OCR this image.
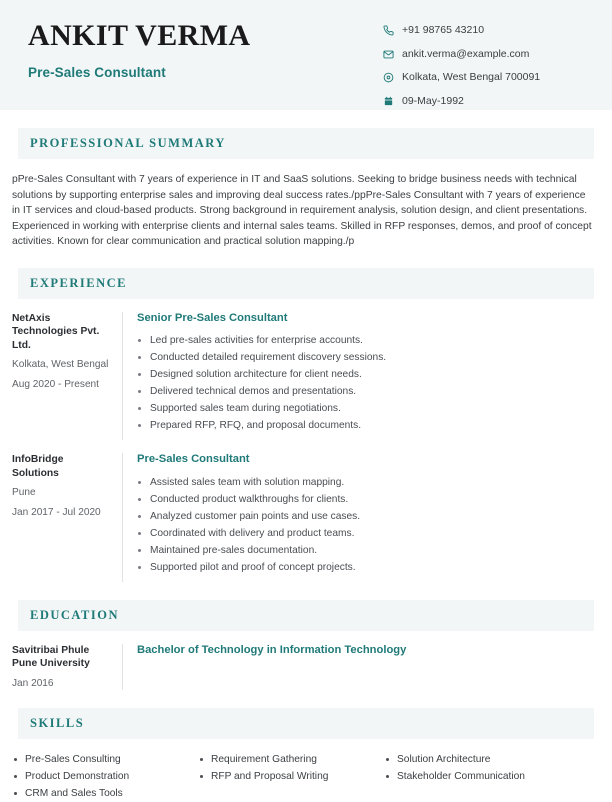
ANKIT VERMA
Pre-Sales Consultant
+91 98765 43210
ankit.verma@example.com
Kolkata, West Bengal 700091
09-May-1992
PROFESSIONAL SUMMARY
pPre-Sales Consultant with 7 years of experience in IT and SaaS solutions. Seeking to bridge business needs with technical solutions by supporting enterprise sales and improving deal success rates./ppPre-Sales Consultant with 7 years of experience in IT services and cloud-based products. Strong background in requirement analysis, solution design, and client presentations. Experienced in working with enterprise clients and internal sales teams. Skilled in RFP responses, demos, and proof of concept activities. Known for clear communication and practical solution mapping./p
EXPERIENCE
NetAxis Technologies Pvt. Ltd.
Kolkata, West Bengal
Aug 2020 - Present
Senior Pre-Sales Consultant
Led pre-sales activities for enterprise accounts.
Conducted detailed requirement discovery sessions.
Designed solution architecture for client needs.
Delivered technical demos and presentations.
Supported sales team during negotiations.
Prepared RFP, RFQ, and proposal documents.
InfoBridge Solutions
Pune
Jan 2017 - Jul 2020
Pre-Sales Consultant
Assisted sales team with solution mapping.
Conducted product walkthroughs for clients.
Analyzed customer pain points and use cases.
Coordinated with delivery and product teams.
Maintained pre-sales documentation.
Supported pilot and proof of concept projects.
EDUCATION
Savitribai Phule Pune University
Jan 2016
Bachelor of Technology in Information Technology
SKILLS
Pre-Sales Consulting
Product Demonstration
CRM and Sales Tools
Requirement Gathering
RFP and Proposal Writing
Solution Architecture
Stakeholder Communication
